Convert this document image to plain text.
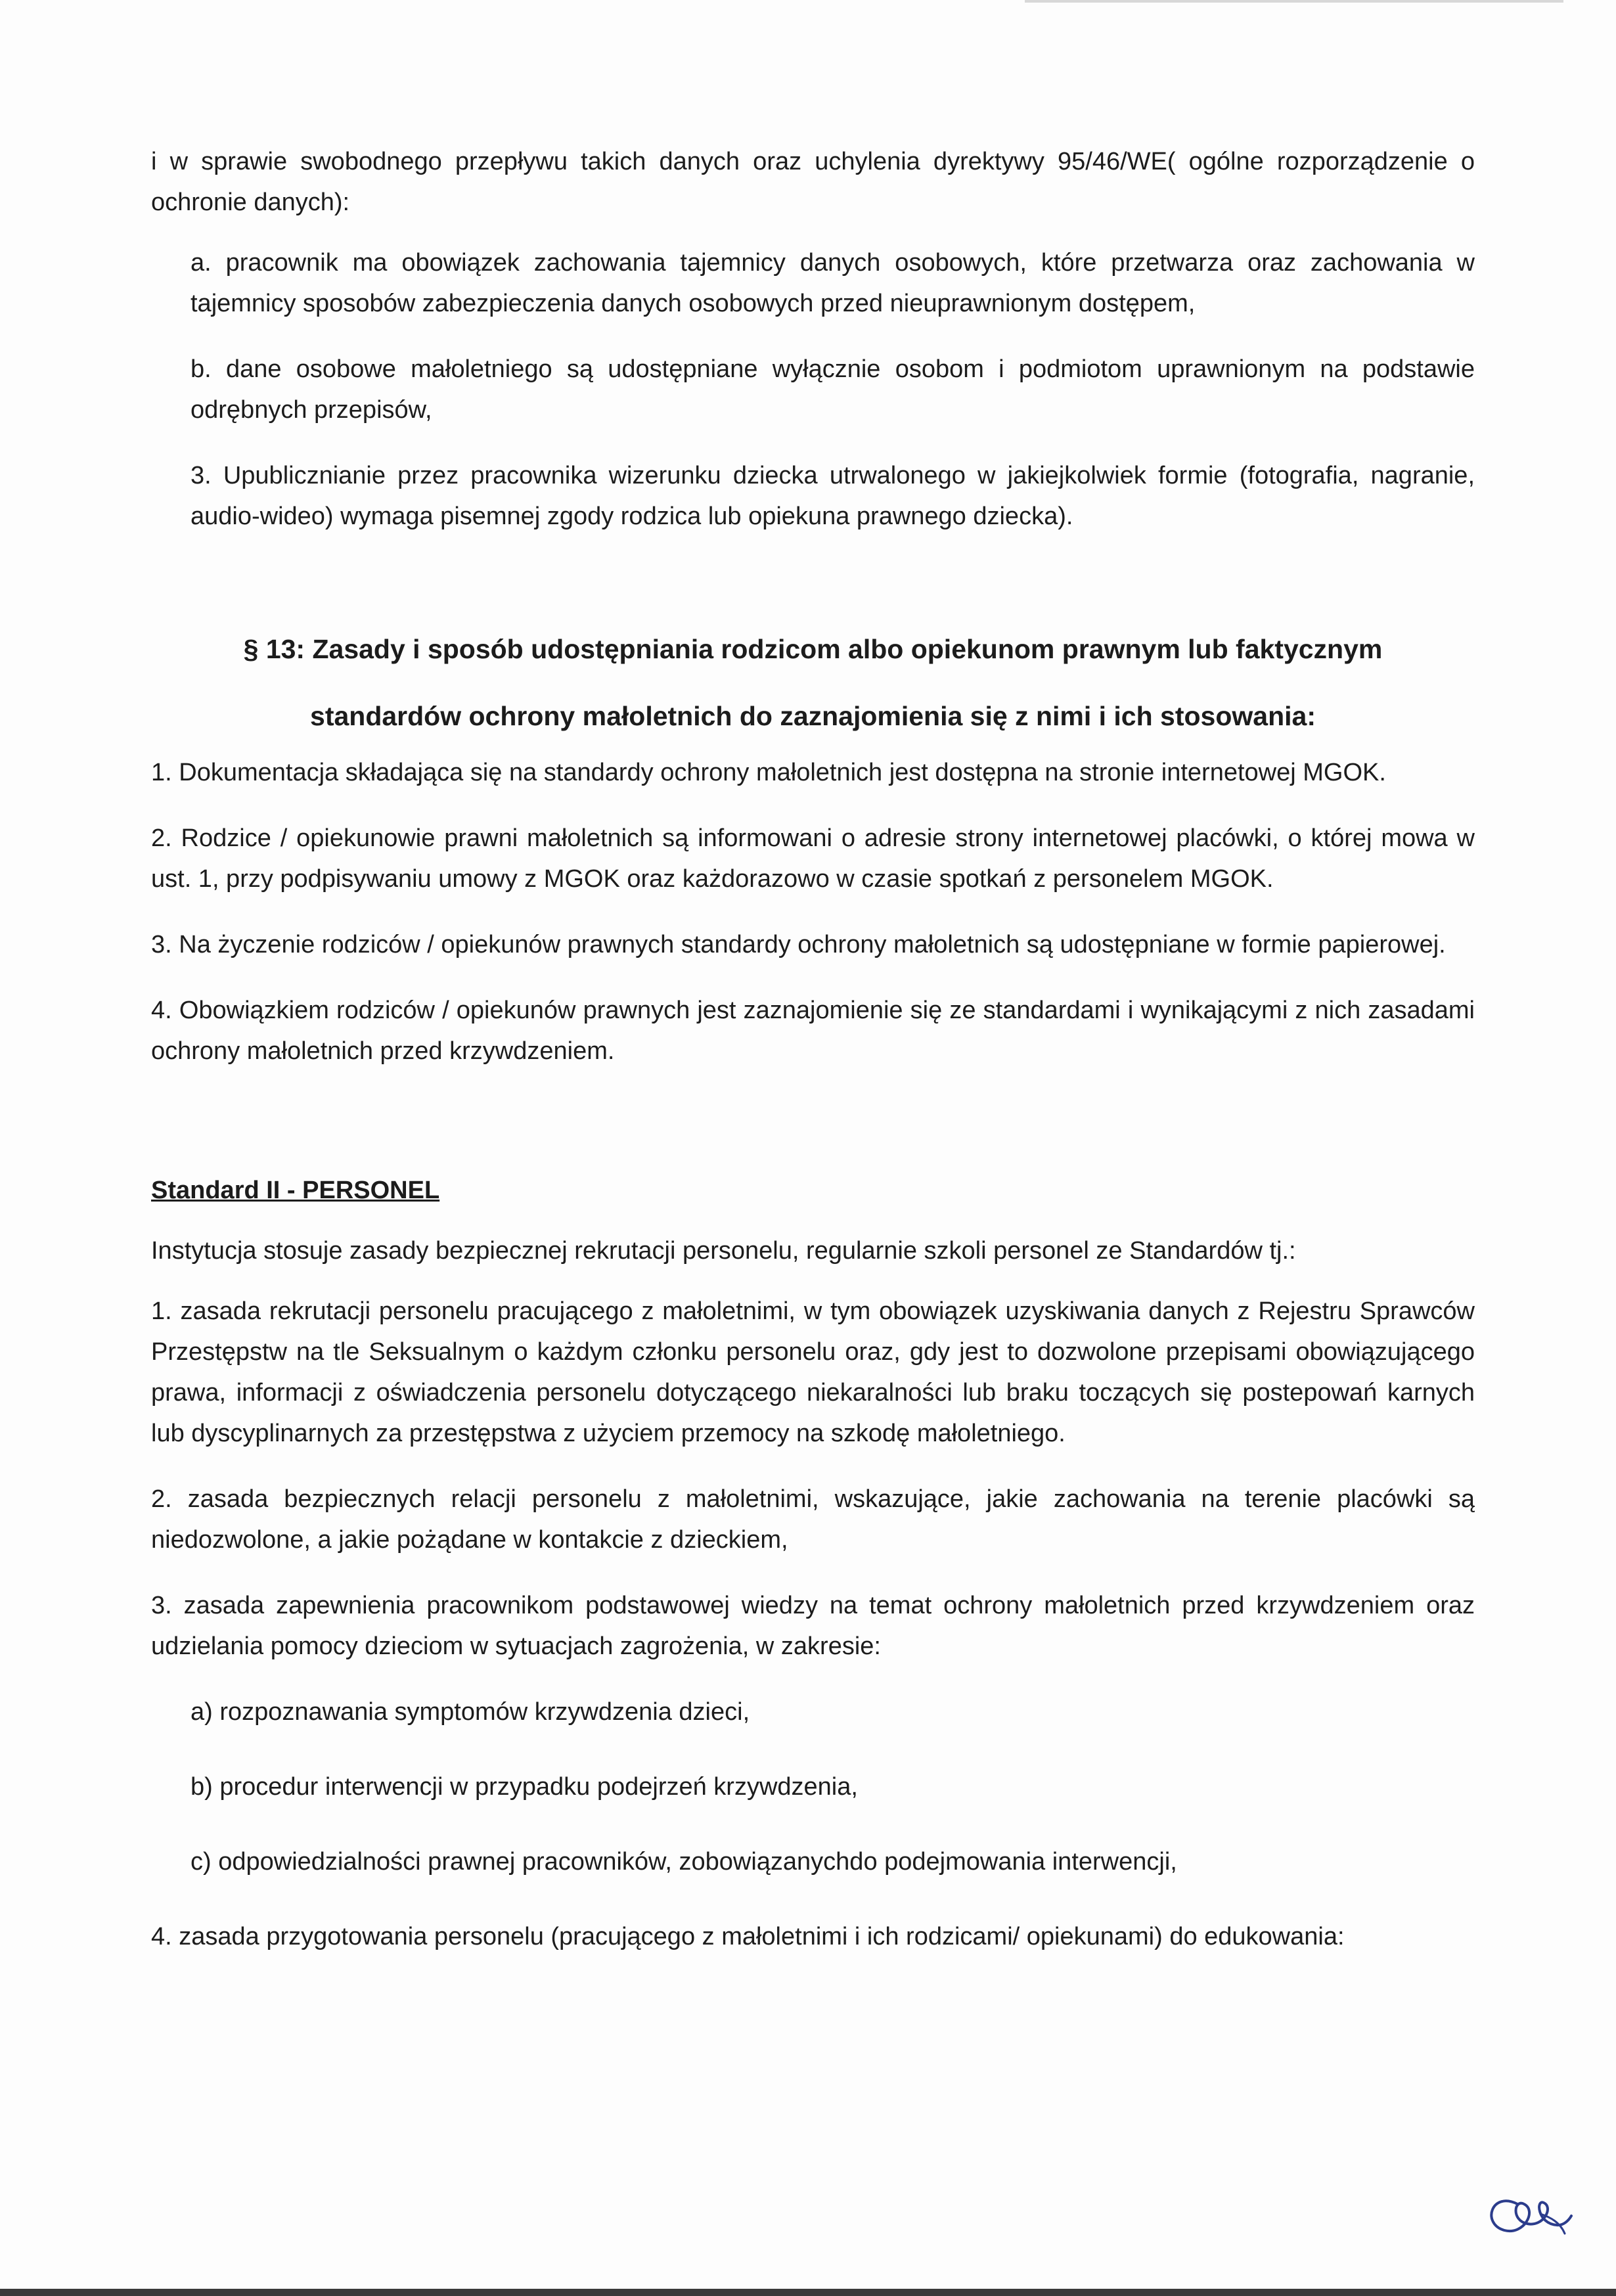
i w sprawie swobodnego przepływu takich danych oraz uchylenia dyrektywy 95/46/WE( ogólne rozporządzenie o ochronie danych):

a. pracownik ma obowiązek zachowania tajemnicy danych osobowych, które przetwarza oraz zachowania w tajemnicy sposobów zabezpieczenia danych osobowych przed nieuprawnionym dostępem,

b. dane osobowe małoletniego są udostępniane wyłącznie osobom i podmiotom uprawnionym na podstawie odrębnych przepisów,

3. Upublicznianie przez pracownika wizerunku dziecka utrwalonego w jakiejkolwiek formie (fotografia, nagranie, audio-wideo) wymaga pisemnej zgody rodzica lub opiekuna prawnego dziecka).

§ 13: Zasady i sposób udostępniania rodzicom albo opiekunom prawnym lub faktycznym
standardów ochrony małoletnich do zaznajomienia się z nimi i ich stosowania:

1. Dokumentacja składająca się na standardy ochrony małoletnich jest dostępna na stronie internetowej MGOK.

2. Rodzice / opiekunowie prawni małoletnich są informowani o adresie strony internetowej placówki, o której mowa w ust. 1, przy podpisywaniu umowy z MGOK oraz każdorazowo w czasie spotkań z personelem MGOK.

3. Na życzenie rodziców / opiekunów prawnych standardy ochrony małoletnich są udostępniane w formie papierowej.

4. Obowiązkiem rodziców / opiekunów prawnych jest zaznajomienie się ze standardami i wynikającymi z nich zasadami ochrony małoletnich przed krzywdzeniem.

Standard II - PERSONEL

Instytucja stosuje zasady bezpiecznej rekrutacji personelu, regularnie szkoli personel ze Standardów tj.:

1. zasada rekrutacji personelu pracującego z małoletnimi, w tym obowiązek uzyskiwania danych z Rejestru Sprawców Przestępstw na tle Seksualnym o każdym członku personelu oraz, gdy jest to dozwolone przepisami obowiązującego prawa, informacji z oświadczenia personelu dotyczącego niekaralności lub braku toczących się postepowań karnych lub dyscyplinarnych za przestępstwa z użyciem przemocy na szkodę małoletniego.

2. zasada bezpiecznych relacji personelu z małoletnimi, wskazujące, jakie zachowania na terenie placówki są niedozwolone, a jakie pożądane w kontakcie z dzieckiem,

3. zasada zapewnienia pracownikom podstawowej wiedzy na temat ochrony małoletnich przed krzywdzeniem oraz udzielania pomocy dzieciom w sytuacjach zagrożenia, w zakresie:

a) rozpoznawania symptomów krzywdzenia dzieci,

b) procedur interwencji w przypadku podejrzeń krzywdzenia,

c) odpowiedzialności prawnej pracowników, zobowiązanychdo podejmowania interwencji,

4. zasada przygotowania personelu (pracującego z małoletnimi i ich rodzicami/ opiekunami) do edukowania:
